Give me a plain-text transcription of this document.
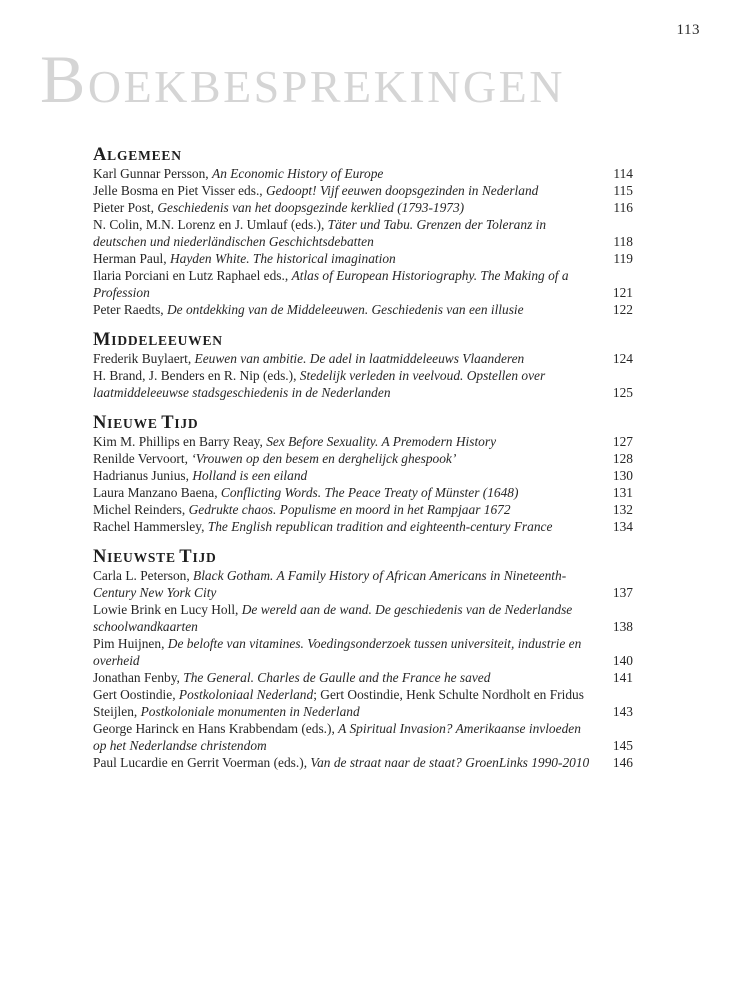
113
BOEKBESPREKINGEN
ALGEMEEN
Karl Gunnar Persson, An Economic History of Europe	114
Jelle Bosma en Piet Visser eds., Gedoopt! Vijf eeuwen doopsgezinden in Nederland	115
Pieter Post, Geschiedenis van het doopsgezinde kerklied (1793-1973)	116
N. Colin, M.N. Lorenz en J. Umlauf (eds.), Täter und Tabu. Grenzen der Toleranz in deutschen und niederländischen Geschichtsdebatten	118
Herman Paul, Hayden White. The historical imagination	119
Ilaria Porciani en Lutz Raphael eds., Atlas of European Historiography. The Making of a Profession	121
Peter Raedts, De ontdekking van de Middeleeuwen. Geschiedenis van een illusie	122
MIDDELEEUWEN
Frederik Buylaert, Eeuwen van ambitie. De adel in laatmiddeleeuws Vlaanderen	124
H. Brand, J. Benders en R. Nip (eds.), Stedelijk verleden in veelvoud. Opstellen over laatmiddeleeuwse stadsgeschiedenis in de Nederlanden	125
NIEUWE TIJD
Kim M. Phillips en Barry Reay, Sex Before Sexuality. A Premodern History	127
Renilde Vervoort, ‘Vrouwen op den besem en derghelijck ghespook’	128
Hadrianus Junius, Holland is een eiland	130
Laura Manzano Baena, Conflicting Words. The Peace Treaty of Münster (1648)	131
Michel Reinders, Gedrukte chaos. Populisme en moord in het Rampjaar 1672	132
Rachel Hammersley, The English republican tradition and eighteenth-century France	134
NIEUWSTE TIJD
Carla L. Peterson, Black Gotham. A Family History of African Americans in Nineteenth-Century New York City	137
Lowie Brink en Lucy Holl, De wereld aan de wand. De geschiedenis van de Nederlandse schoolwandkaarten	138
Pim Huijnen, De belofte van vitamines. Voedingsonderzoek tussen universiteit, industrie en overheid	140
Jonathan Fenby, The General. Charles de Gaulle and the France he saved	141
Gert Oostindie, Postkoloniaal Nederland; Gert Oostindie, Henk Schulte Nordholt en Fridus Steijlen, Postkoloniale monumenten in Nederland	143
George Harinck en Hans Krabbendam (eds.), A Spiritual Invasion? Amerikaanse invloeden op het Nederlandse christendom	145
Paul Lucardie en Gerrit Voerman (eds.), Van de straat naar de staat? GroenLinks 1990-2010	146
